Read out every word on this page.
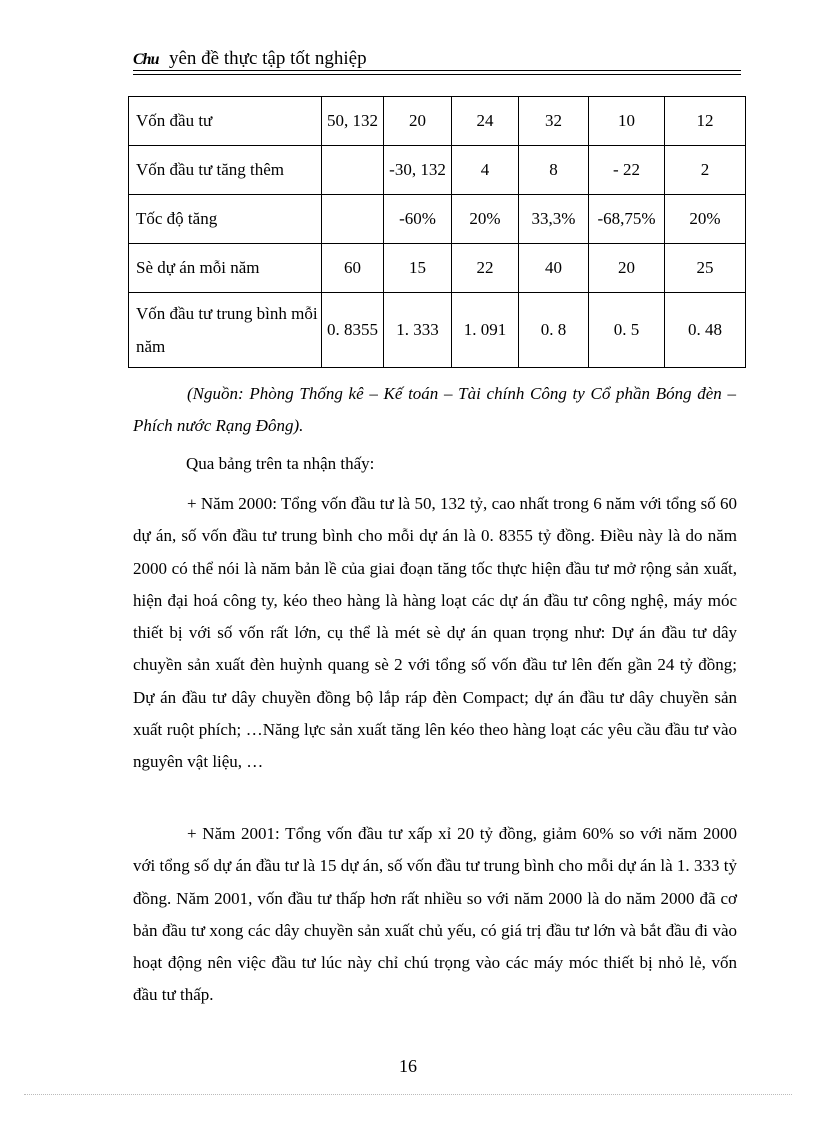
Chu yên đề thực tập tốt nghiệp
Vốn đầu tư	50, 132	20	24	32	10	12
Vốn đầu tư tăng thêm		-30, 132	4	8	- 22	2
Tốc độ tăng		-60%	20%	33,3%	-68,75%	20%
Sè dự án mỗi năm	60	15	22	40	20	25
Vốn đầu tư trung bình mỗi năm	0. 8355	1. 333	1. 091	0. 8	0. 5	0. 48
(Nguồn: Phòng Thống kê – Kế toán – Tài chính Công ty Cổ phần Bóng đèn – Phích nước Rạng Đông).
Qua bảng trên ta nhận thấy:
+ Năm 2000: Tổng vốn đầu tư là 50, 132 tỷ, cao nhất trong 6 năm với tổng số 60 dự án, số vốn đầu tư trung bình cho mỗi dự án là 0. 8355 tỷ đồng. Điều này là do năm 2000 có thể nói là năm bản lề của giai đoạn tăng tốc thực hiện đầu tư mở rộng sản xuất, hiện đại hoá công ty, kéo theo hàng là hàng loạt các dự án đầu tư công nghệ, máy móc thiết bị với số vốn rất lớn, cụ thể là mét sè dự án quan trọng như: Dự án đầu tư dây chuyền sản xuất đèn huỳnh quang sè 2 với tổng số vốn đầu tư lên đến gần 24 tỷ đồng; Dự án đầu tư dây chuyền đồng bộ lắp ráp đèn Compact; dự án đầu tư dây chuyền sản xuất ruột phích; …Năng lực sản xuất tăng lên kéo theo hàng loạt các yêu cầu đầu tư vào nguyên vật liệu, …
+ Năm 2001: Tổng vốn đầu tư xấp xỉ 20 tỷ đồng, giảm 60% so với năm 2000 với tổng số dự án đầu tư là 15 dự án, số vốn đầu tư trung bình cho mỗi dự án là 1. 333 tỷ đồng. Năm 2001, vốn đầu tư thấp hơn rất nhiều so với năm 2000 là do năm 2000 đã cơ bản đầu tư xong các dây chuyền sản xuất chủ yếu, có giá trị đầu tư lớn và bắt đầu đi vào hoạt động nên việc đầu tư lúc này chỉ chú trọng vào các máy móc thiết bị nhỏ lẻ, vốn đầu tư thấp.
16
